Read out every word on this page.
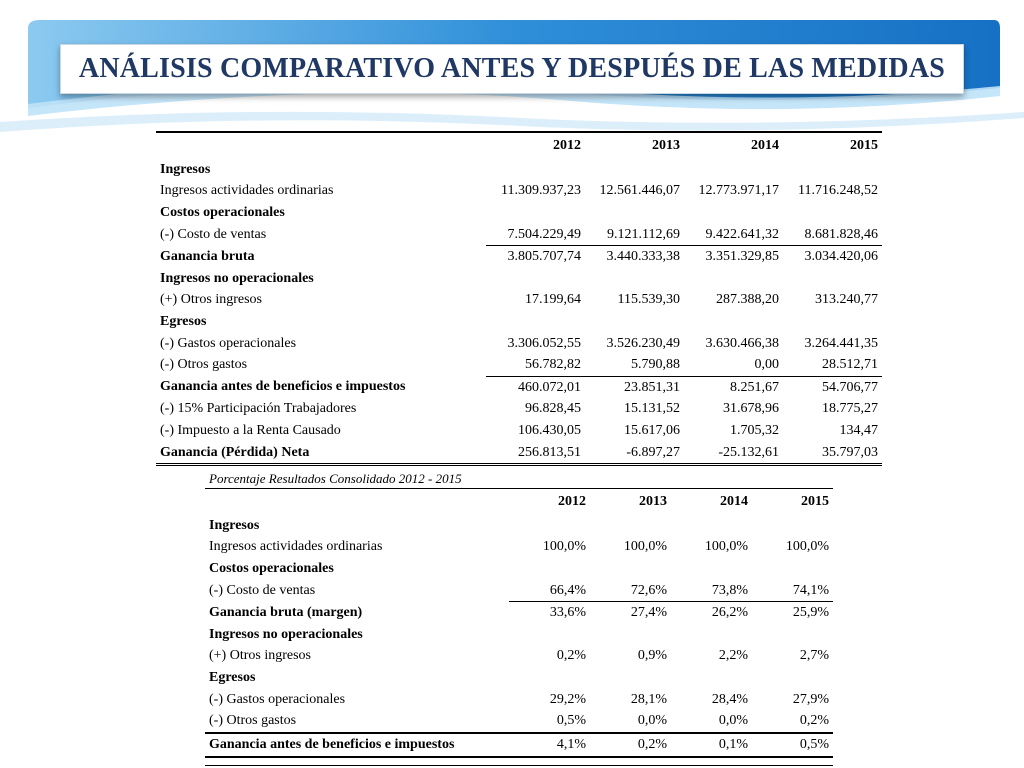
ANÁLISIS COMPARATIVO ANTES Y DESPUÉS DE LAS MEDIDAS
	2012	2013	2014	2015
Ingresos				
Ingresos actividades ordinarias	11.309.937,23	12.561.446,07	12.773.971,17	11.716.248,52
Costos operacionales				
(-) Costo de ventas	7.504.229,49	9.121.112,69	9.422.641,32	8.681.828,46
Ganancia bruta	3.805.707,74	3.440.333,38	3.351.329,85	3.034.420,06
Ingresos no operacionales				
(+) Otros ingresos	17.199,64	115.539,30	287.388,20	313.240,77
Egresos				
(-) Gastos operacionales	3.306.052,55	3.526.230,49	3.630.466,38	3.264.441,35
(-) Otros gastos	56.782,82	5.790,88	0,00	28.512,71
Ganancia antes de beneficios e impuestos	460.072,01	23.851,31	8.251,67	54.706,77
(-) 15% Participación Trabajadores	96.828,45	15.131,52	31.678,96	18.775,27
(-) Impuesto a la Renta Causado	106.430,05	15.617,06	1.705,32	134,47
Ganancia (Pérdida) Neta	256.813,51	-6.897,27	-25.132,61	35.797,03
Porcentaje Resultados Consolidado 2012 - 2015				
	2012	2013	2014	2015
Ingresos				
Ingresos actividades ordinarias	100,0%	100,0%	100,0%	100,0%
Costos operacionales				
(-) Costo de ventas	66,4%	72,6%	73,8%	74,1%
Ganancia bruta (margen)	33,6%	27,4%	26,2%	25,9%
Ingresos no operacionales				
(+) Otros ingresos	0,2%	0,9%	2,2%	2,7%
Egresos				
(-) Gastos operacionales	29,2%	28,1%	28,4%	27,9%
(-) Otros gastos	0,5%	0,0%	0,0%	0,2%
Ganancia antes de beneficios e impuestos	4,1%	0,2%	0,1%	0,5%
